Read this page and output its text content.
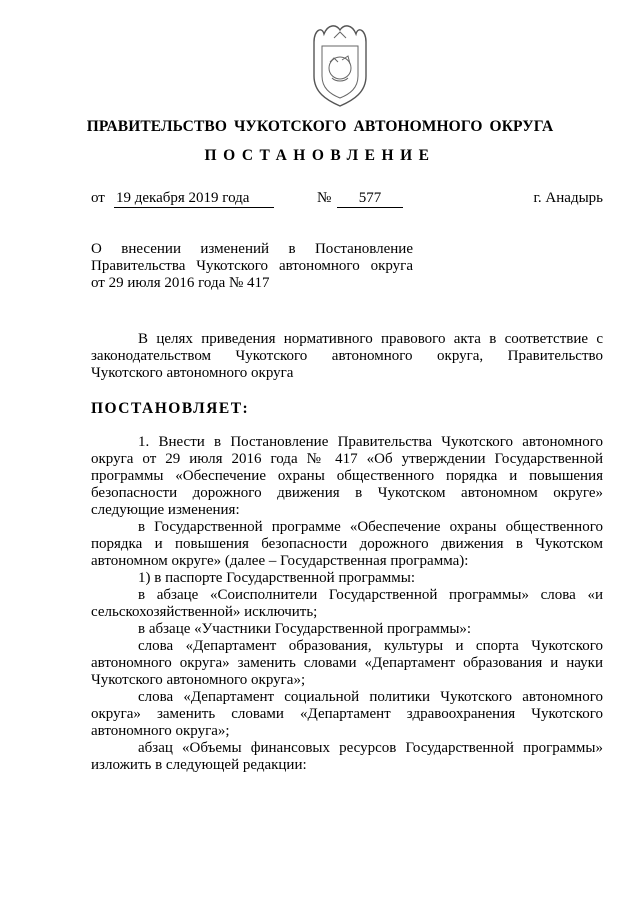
ПРАВИТЕЛЬСТВО ЧУКОТСКОГО АВТОНОМНОГО ОКРУГА
ПОСТАНОВЛЕНИЕ
от 19 декабря 2019 года	№	577	г. Анадырь
О внесении изменений в Постановление
Правительства Чукотского автономного округа
от 29 июля 2016 года № 417
В целях приведения нормативного правового акта в соответствие с
законодательством Чукотского автономного округа, Правительство
Чукотского автономного округа
ПОСТАНОВЛЯЕТ:
1. Внести в Постановление Правительства Чукотского автономного
округа от 29 июля 2016 года № 417 «Об утверждении Государственной
программы «Обеспечение охраны общественного порядка и повышения
безопасности дорожного движения в Чукотском автономном округе»
следующие изменения:
в Государственной программе «Обеспечение охраны общественного
порядка и повышения безопасности дорожного движения в Чукотском
автономном округе» (далее – Государственная программа):
1) в паспорте Государственной программы:
в абзаце «Соисполнители Государственной программы» слова «и
сельскохозяйственной» исключить;
в абзаце «Участники Государственной программы»:
слова «Департамент образования, культуры и спорта Чукотского
автономного округа» заменить словами «Департамент образования и науки
Чукотского автономного округа»;
слова «Департамент социальной политики Чукотского автономного
округа» заменить словами «Департамент здравоохранения Чукотского
автономного округа»;
абзац «Объемы финансовых ресурсов Государственной программы»
изложить в следующей редакции:
